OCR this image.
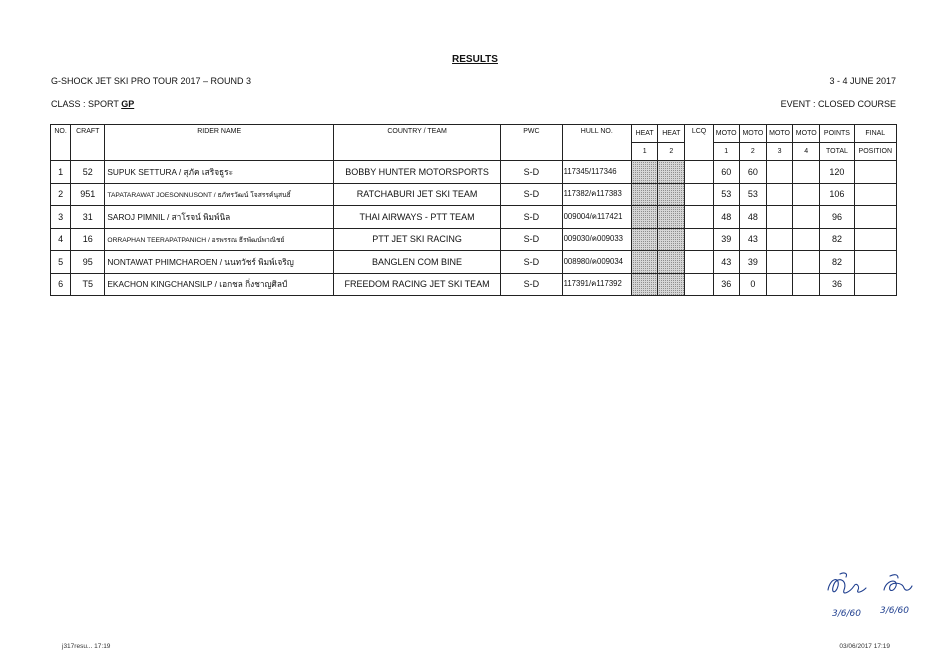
RESULTS
G-SHOCK JET SKI PRO TOUR 2017 – ROUND 3	3 - 4 JUNE 2017
CLASS : SPORT GP	EVENT : CLOSED COURSE
NO.	CRAFT	RIDER NAME	COUNTRY / TEAM	PWC	HULL NO.	HEAT	HEAT	LCQ	MOTO	MOTO	MOTO	MOTO	POINTS	FINAL
						1	2		1	2	3	4	TOTAL	POSITION
1	52	SUPUK SETTURA / สุภัค เสริจธูระ	BOBBY HUNTER MOTORSPORTS	S-D	117345/117346				60	60			120	
2	951	TAPATARAWAT JOESONNUSONT / ธภัทรวัฒน์ โจสรรค์นุสนธิ์	RATCHABURI JET SKI TEAM	S-D	117382/ค117383				53	53			106	
3	31	SAROJ PIMNIL / สาโรจน์ พิมพ์นิล	THAI AIRWAYS - PTT TEAM	S-D	009004/ค117421				48	48			96	
4	16	ORRAPHAN TEERAPATPANICH / อรพรรณ ธีรพัฒน์พาณิชย์	PTT JET SKI RACING	S-D	009030/ค009033				39	43			82	
5	95	NONTAWAT PHIMCHAROEN / นนทวัชร์ พิมพ์เจริญ	BANGLEN COM BINE	S-D	008980/ค009034				43	39			82	
6	T5	EKACHON KINGCHANSILP / เอกชล กิ่งชาญศิลป์	FREEDOM RACING JET SKI TEAM	S-D	117391/ค117392				36	0			36	
3/6/60 3/6/60
j317resu... 17:19	03/06/2017 17:19
